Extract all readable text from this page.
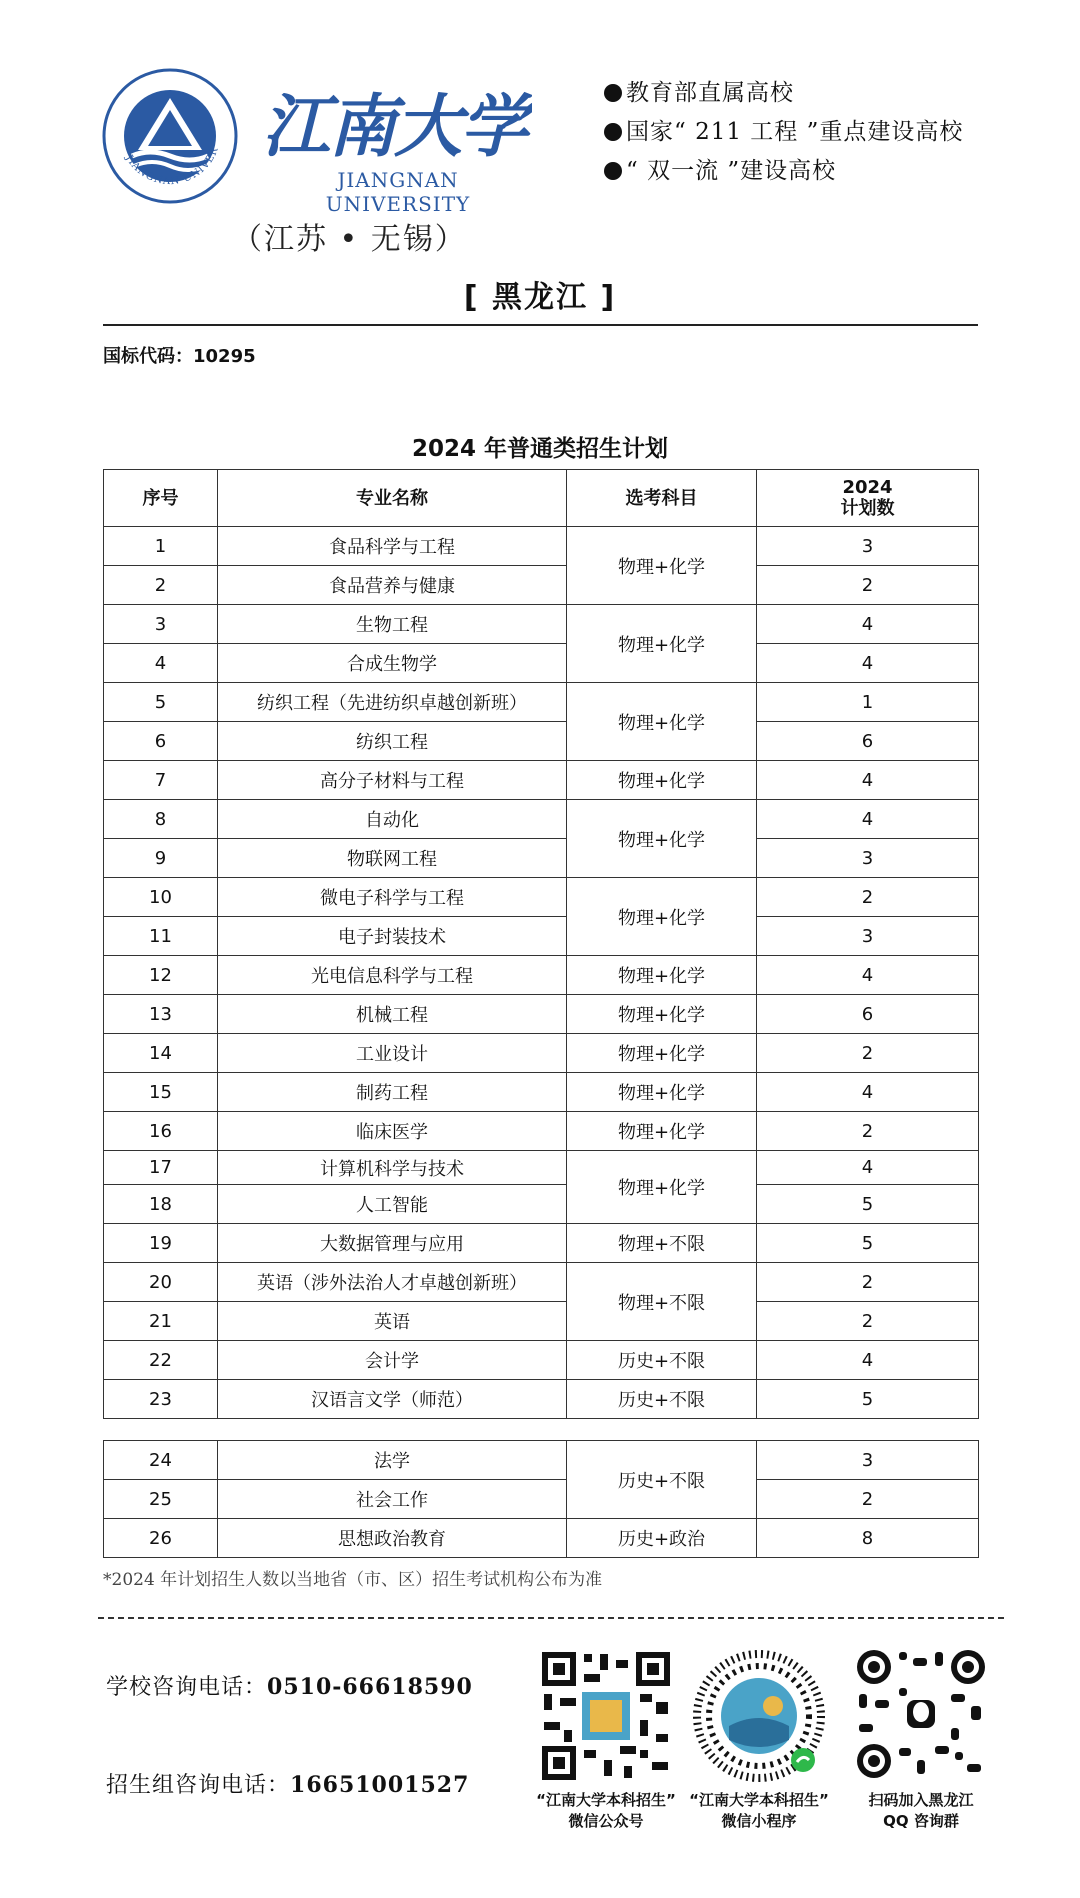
JIANGNAN UNIVER 江南大学
JIANGNAN UNIVERSITY
（江苏 • 无锡）
教育部直属高校
国家“ 211 工程 ”重点建设高校
“ 双一流 ”建设高校
[ 黑龙江 ]
国标代码：10295
2024 年普通类招生计划
序号	专业名称	选考科目	2024
计划数
1	食品科学与工程	物理+化学	3
2	食品营养与健康		2
3	生物工程	物理+化学	4
4	合成生物学		4
5	纺织工程（先进纺织卓越创新班）	物理+化学	1
6	纺织工程		6
7	高分子材料与工程	物理+化学	4
8	自动化	物理+化学	4
9	物联网工程		3
10	微电子科学与工程	物理+化学	2
11	电子封装技术		3
12	光电信息科学与工程	物理+化学	4
13	机械工程	物理+化学	6
14	工业设计	物理+化学	2
15	制药工程	物理+化学	4
16	临床医学	物理+化学	2
17	计算机科学与技术	物理+化学	4
18	人工智能		5
19	大数据管理与应用	物理+不限	5
20	英语（涉外法治人才卓越创新班）	物理+不限	2
21	英语		2
22	会计学	历史+不限	4
23	汉语言文学（师范）	历史+不限	5
24	法学	历史+不限	3
25	社会工作		2
26	思想政治教育	历史+政治	8
*2024 年计划招生人数以当地省（市、区）招生考试机构公布为准
学校咨询电话：0510-66618590
招生组咨询电话：16651001527
“江南大学本科招生”
微信公众号
“江南大学本科招生”
微信小程序
扫码加入黑龙江
QQ 咨询群
